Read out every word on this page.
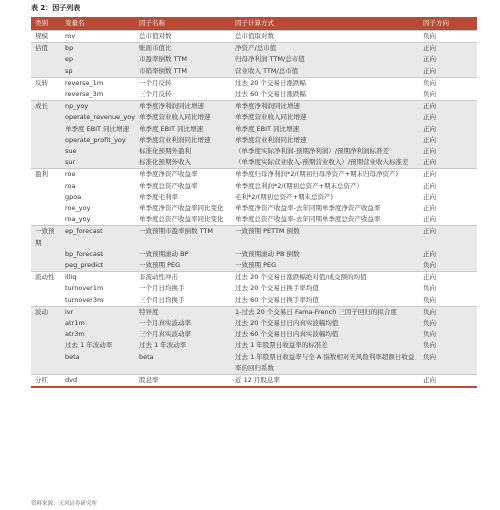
表 2：因子列表
类别	变量名	因子名称	因子计算方式	因子方向
规模	mv	总市值对数	总市值取对数	负向
估值	bp	账面市值比	净资产/总市值	正向
	ep	市盈率倒数 TTM	归母净利润 TTM/总市值	正向
	sp	市销率倒数 TTM	营业收入 TTM/总市值	正向
反转	reverse_1m	一个月反转	过去 20 个交易日涨跌幅	负向
	reverse_3m	三个月反转	过去 60 个交易日涨跌幅	负向
成长	np_yoy	单季度净利润同比增速	单季度净利润同比增速	正向
	operate_revenue_yoy	单季度营业收入同比增速	单季度营业收入同比增速	正向
	单季度 EBIT 同比增速	单季度 EBIT 同比增速	单季度 EBIT 同比增速	正向
	operate_profit_yoy	单季度营业利润同比增速	单季度营业利润同比增速	正向
	sue	标准化预期外盈利	（单季度实际净利润-预期净利润）/预期净利润标准差	正向
	sur	标准化预期外收入	（单季度实际营业收入-预期营业收入）/预期营业收入标准差	正向
盈利	roe	单季度净资产收益率	单季度归母净利润*2/(期初归母净资产+期末归母净资产)	正向
	roa	单季度总资产收益率	单季度总利润*2/(期初总资产+期末总资产）	正向
	gpoa	单季度毛利率	毛利*2/(期初总资产+期末总资产)	正向
	roe_yoy	单季度净资产收益率同比变化	单季度净资产收益率-去年同期单季度净资产收益率	正向
	roa_yoy	单季度总资产收益率同比变化	单季度总资产收益率-去年同期单季度总资产收益率	正向
一致预期	ep_forecast	一致预期市盈率倒数 TTM	一致预期 PETTM 倒数	正向
	bp_forecast	一致预期滚动 BP	一致预期滚动 PB 倒数	正向
	peg_predict	一致预期 PEG	一致预期 PEG	负向
流动性	illiq	非流动性冲击	过去 20 个交易日涨跌幅绝对值/成交额的均值	正向
	turnover1m	一个月日均换手	过去 20 个交易日换手率均值	负向
	turnover3m	三个月日均换手	过去 60 个交易日换手率均值	负向
波动	ivr	特异度	1-过去 20 个交易日 Fama-French 三因子回归的拟合度	负向
	atr1m	一个月真实波动率	过去 20 个交易日日内真实波幅均值	负向
	atr3m	三个月真实波动率	过去 60 个交易日日内真实波幅均值	负向
	过去 1 年波动率	过去 1 年波动率	过去 1 年股票日收益率的标准差	负向
	beta	beta	过去 1 年股票日收益率与全 A 指数相对无风险利率超额日收益率的回归系数	负向
分红	dvd	股息率	近 12 月股息率	正向
资料来源：天风证券研究所
